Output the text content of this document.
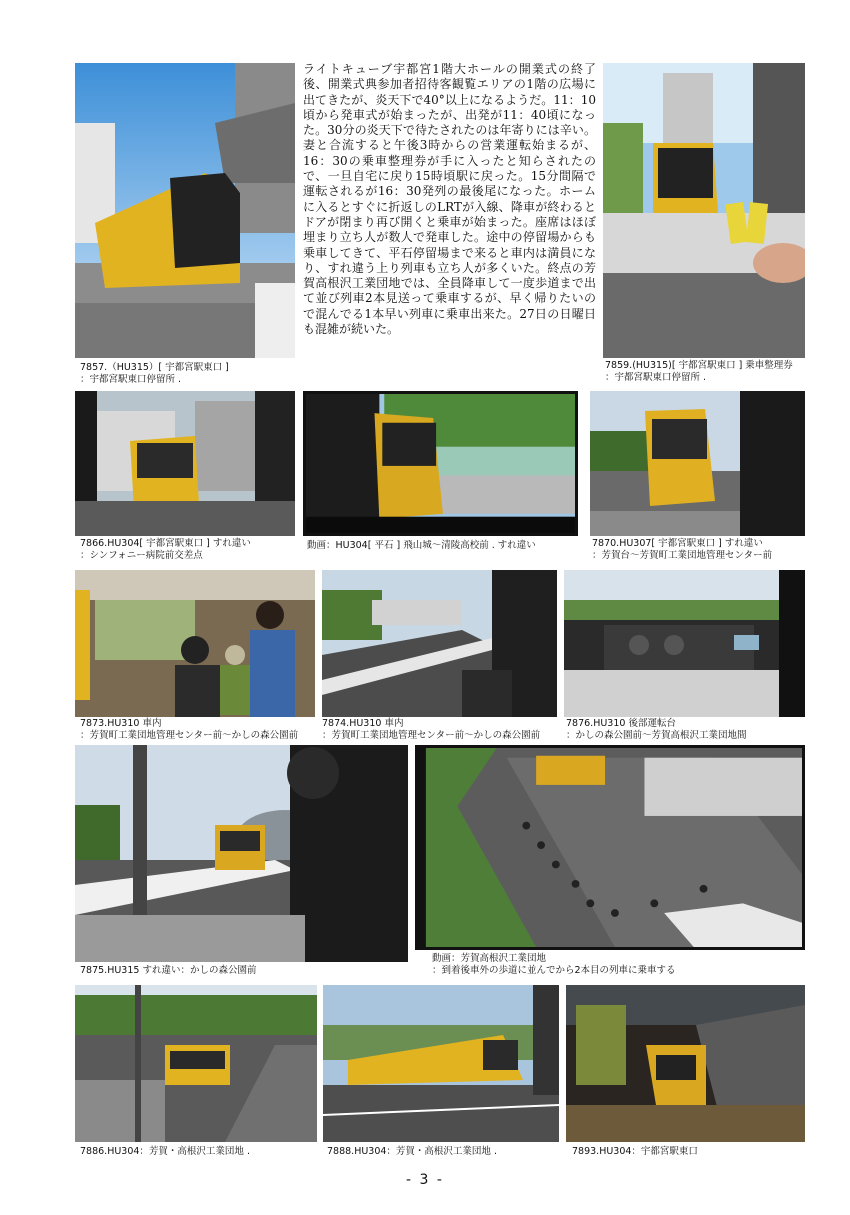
ライトキューブ宇都宮1階大ホールの開業式の終了後、開業式典参加者招待客観覧エリアの1階の広場に出てきたが、炎天下で40°以上になるようだ。11：10頃から発車式が始まったが、出発が11：40頃になった。30分の炎天下で待たされたのは年寄りには辛い。妻と合流すると午後3時からの営業運転始まるが、16：30の乗車整理券が手に入ったと知らされたので、一旦自宅に戻り15時頃駅に戻った。15分間隔で運転されるが16：30発列の最後尾になった。ホームに入るとすぐに折返しのLRTが入線、降車が終わるとドアが閉まり再び開くと乗車が始まった。座席はほぼ埋まり立ち人が数人で発車した。途中の停留場からも乗車してきて、平石停留場まで来ると車内は満員になり、すれ違う上り列車も立ち人が多くいた。終点の芳賀高根沢工業団地では、全員降車して一度歩道まで出て並び列車2本見送って乗車するが、早く帰りたいので混んでる1本早い列車に乗車出来た。27日の日曜日も混雑が続いた。
7857.（HU315）[ 宇都宮駅東口 ]
：宇都宮駅東口停留所 .
7859.(HU315)[ 宇都宮駅東口 ] 乗車整理券
：宇都宮駅東口停留所 .
7866.HU304[ 宇都宮駅東口 ] すれ違い
：シンフォニー病院前交差点
動画：HU304[ 平石 ] 飛山城～清陵高校前 . すれ違い	7870.HU307[ 宇都宮駅東口 ] すれ違い
：芳賀台～芳賀町工業団地管理センター前
7873.HU310 車内
：芳賀町工業団地管理センター前～かしの森公園前
7874.HU310 車内
：芳賀町工業団地管理センター前～かしの森公園前
7876.HU310 後部運転台
：かしの森公園前～芳賀高根沢工業団地間
7875.HU315 すれ違い：かしの森公園前
動画：芳賀高根沢工業団地
：到着後車外の歩道に並んでから2本目の列車に乗車する
7886.HU304：芳賀・高根沢工業団地 .	7888.HU304：芳賀・高根沢工業団地 .	7893.HU304：宇都宮駅東口
- 3 -
